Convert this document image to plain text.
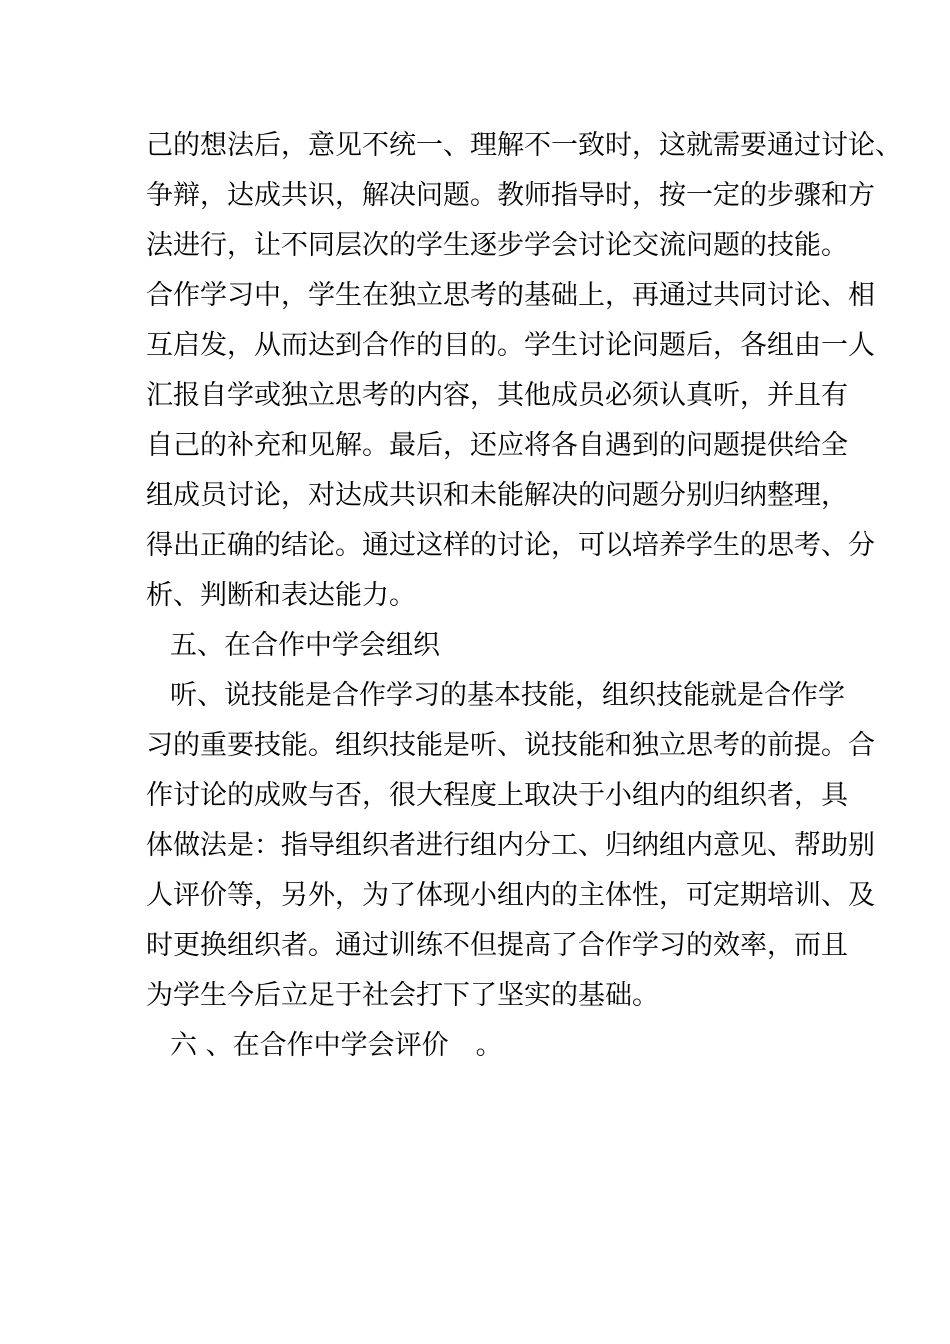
己的想法后，意见不统一、理解不一致时，这就需要通过讨论、
争辩，达成共识，解决问题。教师指导时，按一定的步骤和方
法进行，让不同层次的学生逐步学会讨论交流问题的技能。
合作学习中，学生在独立思考的基础上，再通过共同讨论、相
互启发，从而达到合作的目的。学生讨论问题后，各组由一人
汇报自学或独立思考的内容，其他成员必须认真听，并且有
自己的补充和见解。最后，还应将各自遇到的问题提供给全
组成员讨论，对达成共识和未能解决的问题分别归纳整理，
得出正确的结论。通过这样的讨论，可以培养学生的思考、分
析、判断和表达能力。
五、在合作中学会组织
听、说技能是合作学习的基本技能，组织技能就是合作学
习的重要技能。组织技能是听、说技能和独立思考的前提。合
作讨论的成败与否，很大程度上取决于小组内的组织者，具
体做法是：指导组织者进行组内分工、归纳组内意见、帮助别
人评价等，另外，为了体现小组内的主体性，可定期培训、及
时更换组织者。通过训练不但提高了合作学习的效率，而且
为学生今后立足于社会打下了坚实的基础。
六 、在合作中学会评价　。
